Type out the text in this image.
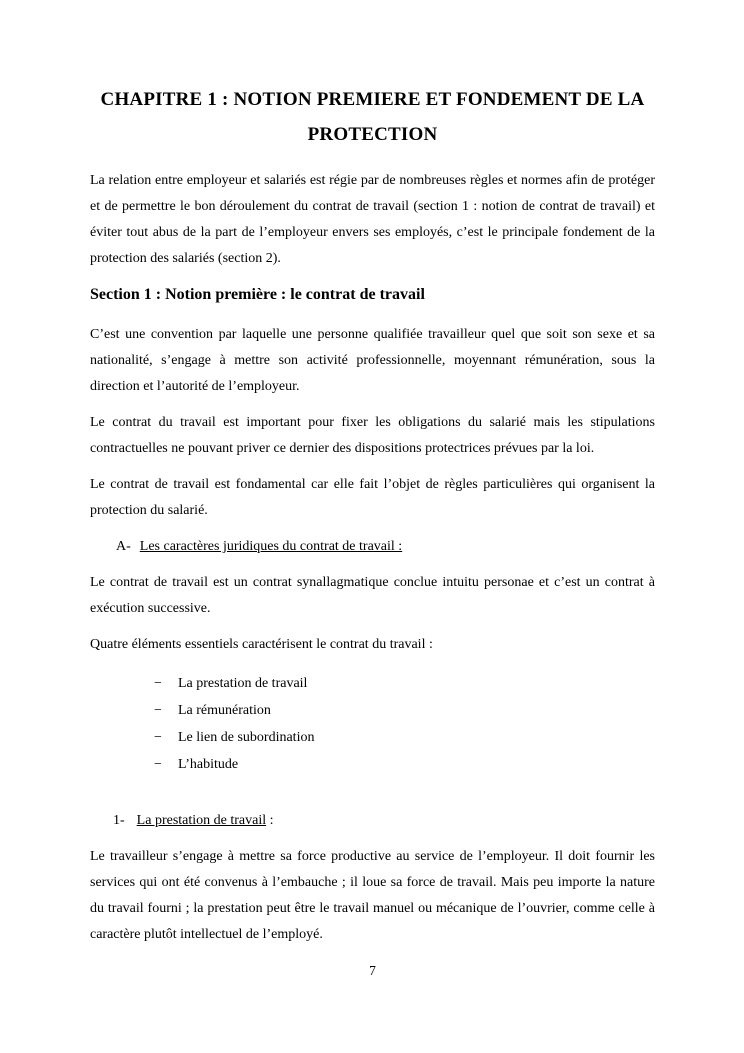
CHAPITRE 1 : NOTION PREMIERE ET FONDEMENT DE LA PROTECTION

La relation entre employeur et salariés est régie par de nombreuses règles et normes afin de protéger et de permettre le bon déroulement du contrat de travail (section 1 : notion de contrat de travail) et éviter tout abus de la part de l’employeur envers ses employés, c’est le principale fondement de la protection des salariés (section 2).

Section 1 : Notion première : le contrat de travail

C’est une convention par laquelle une personne qualifiée travailleur quel que soit son sexe et sa nationalité, s’engage à mettre son activité professionnelle, moyennant rémunération, sous la direction et l’autorité de l’employeur.

Le contrat du travail est important pour fixer les obligations du salarié mais les stipulations contractuelles ne pouvant priver ce dernier des dispositions protectrices prévues par la loi.

Le contrat de travail est fondamental car elle fait l’objet de règles particulières qui organisent la protection du salarié.

A- Les caractères juridiques du contrat de travail :

Le contrat de travail est un contrat synallagmatique conclue intuitu personae et c’est un contrat à exécution successive.

Quatre éléments essentiels caractérisent le contrat du travail :

− La prestation de travail
− La rémunération
− Le lien de subordination
− L’habitude
1- La prestation de travail :

Le travailleur s’engage à mettre sa force productive au service de l’employeur. Il doit fournir les services qui ont été convenus à l’embauche ; il loue sa force de travail. Mais peu importe la nature du travail fourni ; la prestation peut être le travail manuel ou mécanique de l’ouvrier, comme celle à caractère plutôt intellectuel de l’employé.

7
